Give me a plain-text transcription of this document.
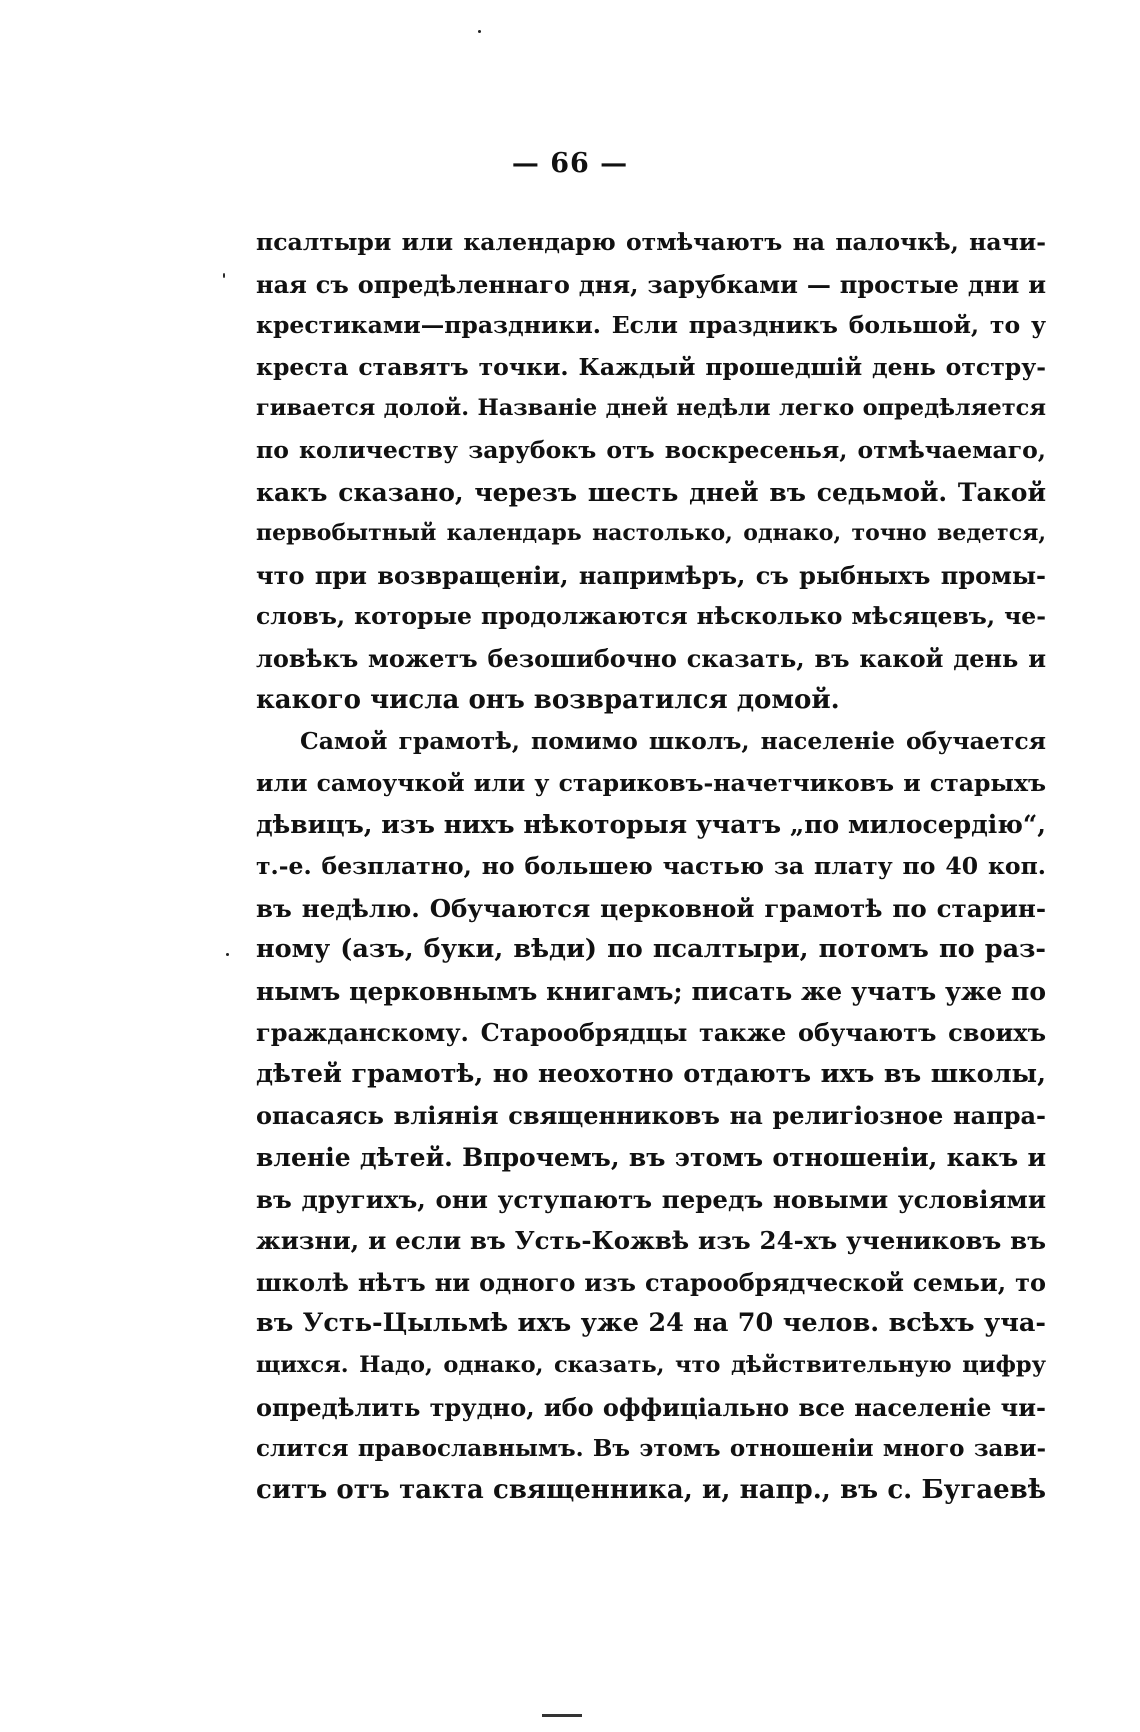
— 66 —
псалтыри или календарю отмѣчаютъ на палочкѣ, начи-
ная съ опредѣленнаго дня, зарубками — простые дни и
крестиками—праздники. Если праздникъ большой, то у
креста ставятъ точки. Каждый прошедшій день отстру-
гивается долой. Названіе дней недѣли легко опредѣляется
по количеству зарубокъ отъ воскресенья, отмѣчаемаго,
какъ сказано, черезъ шесть дней въ седьмой. Такой
первобытный календарь настолько, однако, точно ведется,
что при возвращеніи, напримѣръ, съ рыбныхъ промы-
словъ, которые продолжаются нѣсколько мѣсяцевъ, че-
ловѣкъ можетъ безошибочно сказать, въ какой день и
какого числа онъ возвратился домой.
Самой грамотѣ, помимо школъ, населеніе обучается
или самоучкой или у стариковъ-начетчиковъ и старыхъ
дѣвицъ, изъ нихъ нѣкоторыя учатъ „по милосердію“,
т.-е. безплатно, но большею частью за плату по 40 коп.
въ недѣлю. Обучаются церковной грамотѣ по старин-
ному (азъ, буки, вѣди) по псалтыри, потомъ по раз-
нымъ церковнымъ книгамъ; писать же учатъ уже по
гражданскому. Старообрядцы также обучаютъ своихъ
дѣтей грамотѣ, но неохотно отдаютъ ихъ въ школы,
опасаясь вліянія священниковъ на религіозное напра-
вленіе дѣтей. Впрочемъ, въ этомъ отношеніи, какъ и
въ другихъ, они уступаютъ передъ новыми условіями
жизни, и если въ Усть-Кожвѣ изъ 24-хъ учениковъ въ
школѣ нѣтъ ни одного изъ старообрядческой семьи, то
въ Усть-Цыльмѣ ихъ уже 24 на 70 челов. всѣхъ уча-
щихся. Надо, однако, сказать, что дѣйствительную цифру
опредѣлить трудно, ибо оффиціально все населеніе чи-
слится православнымъ. Въ этомъ отношеніи много зави-
ситъ отъ такта священника, и, напр., въ с. Бугаевѣ
